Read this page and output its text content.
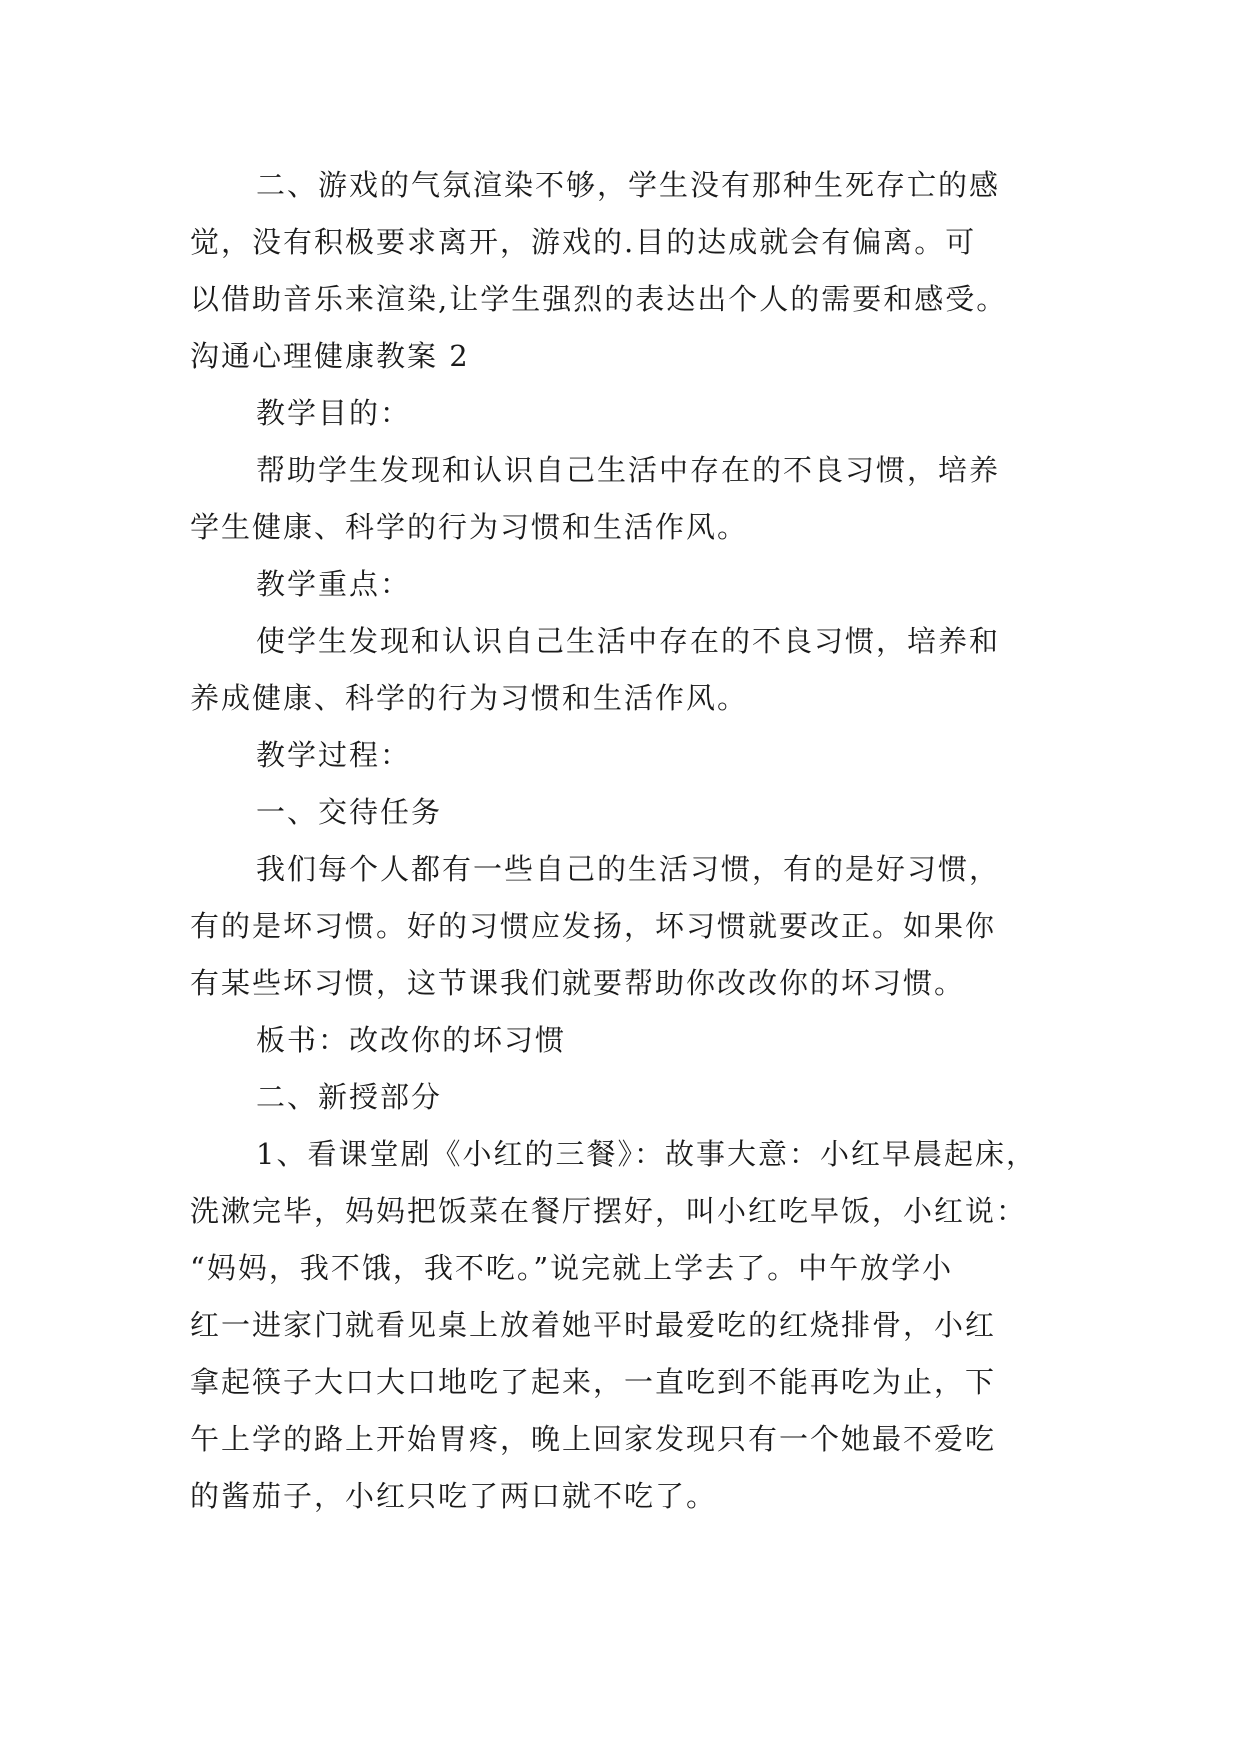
二、游戏的气氛渲染不够，学生没有那种生死存亡的感
觉，没有积极要求离开，游戏的.目的达成就会有偏离。可
以借助音乐来渲染,让学生强烈的表达出个人的需要和感受。
沟通心理健康教案 2
教学目的：
帮助学生发现和认识自己生活中存在的不良习惯，培养
学生健康、科学的行为习惯和生活作风。
教学重点：
使学生发现和认识自己生活中存在的不良习惯，培养和
养成健康、科学的行为习惯和生活作风。
教学过程：
一、交待任务
我们每个人都有一些自己的生活习惯，有的是好习惯，
有的是坏习惯。好的习惯应发扬，坏习惯就要改正。如果你
有某些坏习惯，这节课我们就要帮助你改改你的坏习惯。
板书：改改你的坏习惯
二、新授部分
1、看课堂剧《小红的三餐》：故事大意：小红早晨起床，
洗漱完毕，妈妈把饭菜在餐厅摆好，叫小红吃早饭，小红说：
“妈妈，我不饿，我不吃。”说完就上学去了。中午放学小
红一进家门就看见桌上放着她平时最爱吃的红烧排骨，小红
拿起筷子大口大口地吃了起来，一直吃到不能再吃为止，下
午上学的路上开始胃疼，晚上回家发现只有一个她最不爱吃
的酱茄子，小红只吃了两口就不吃了。
